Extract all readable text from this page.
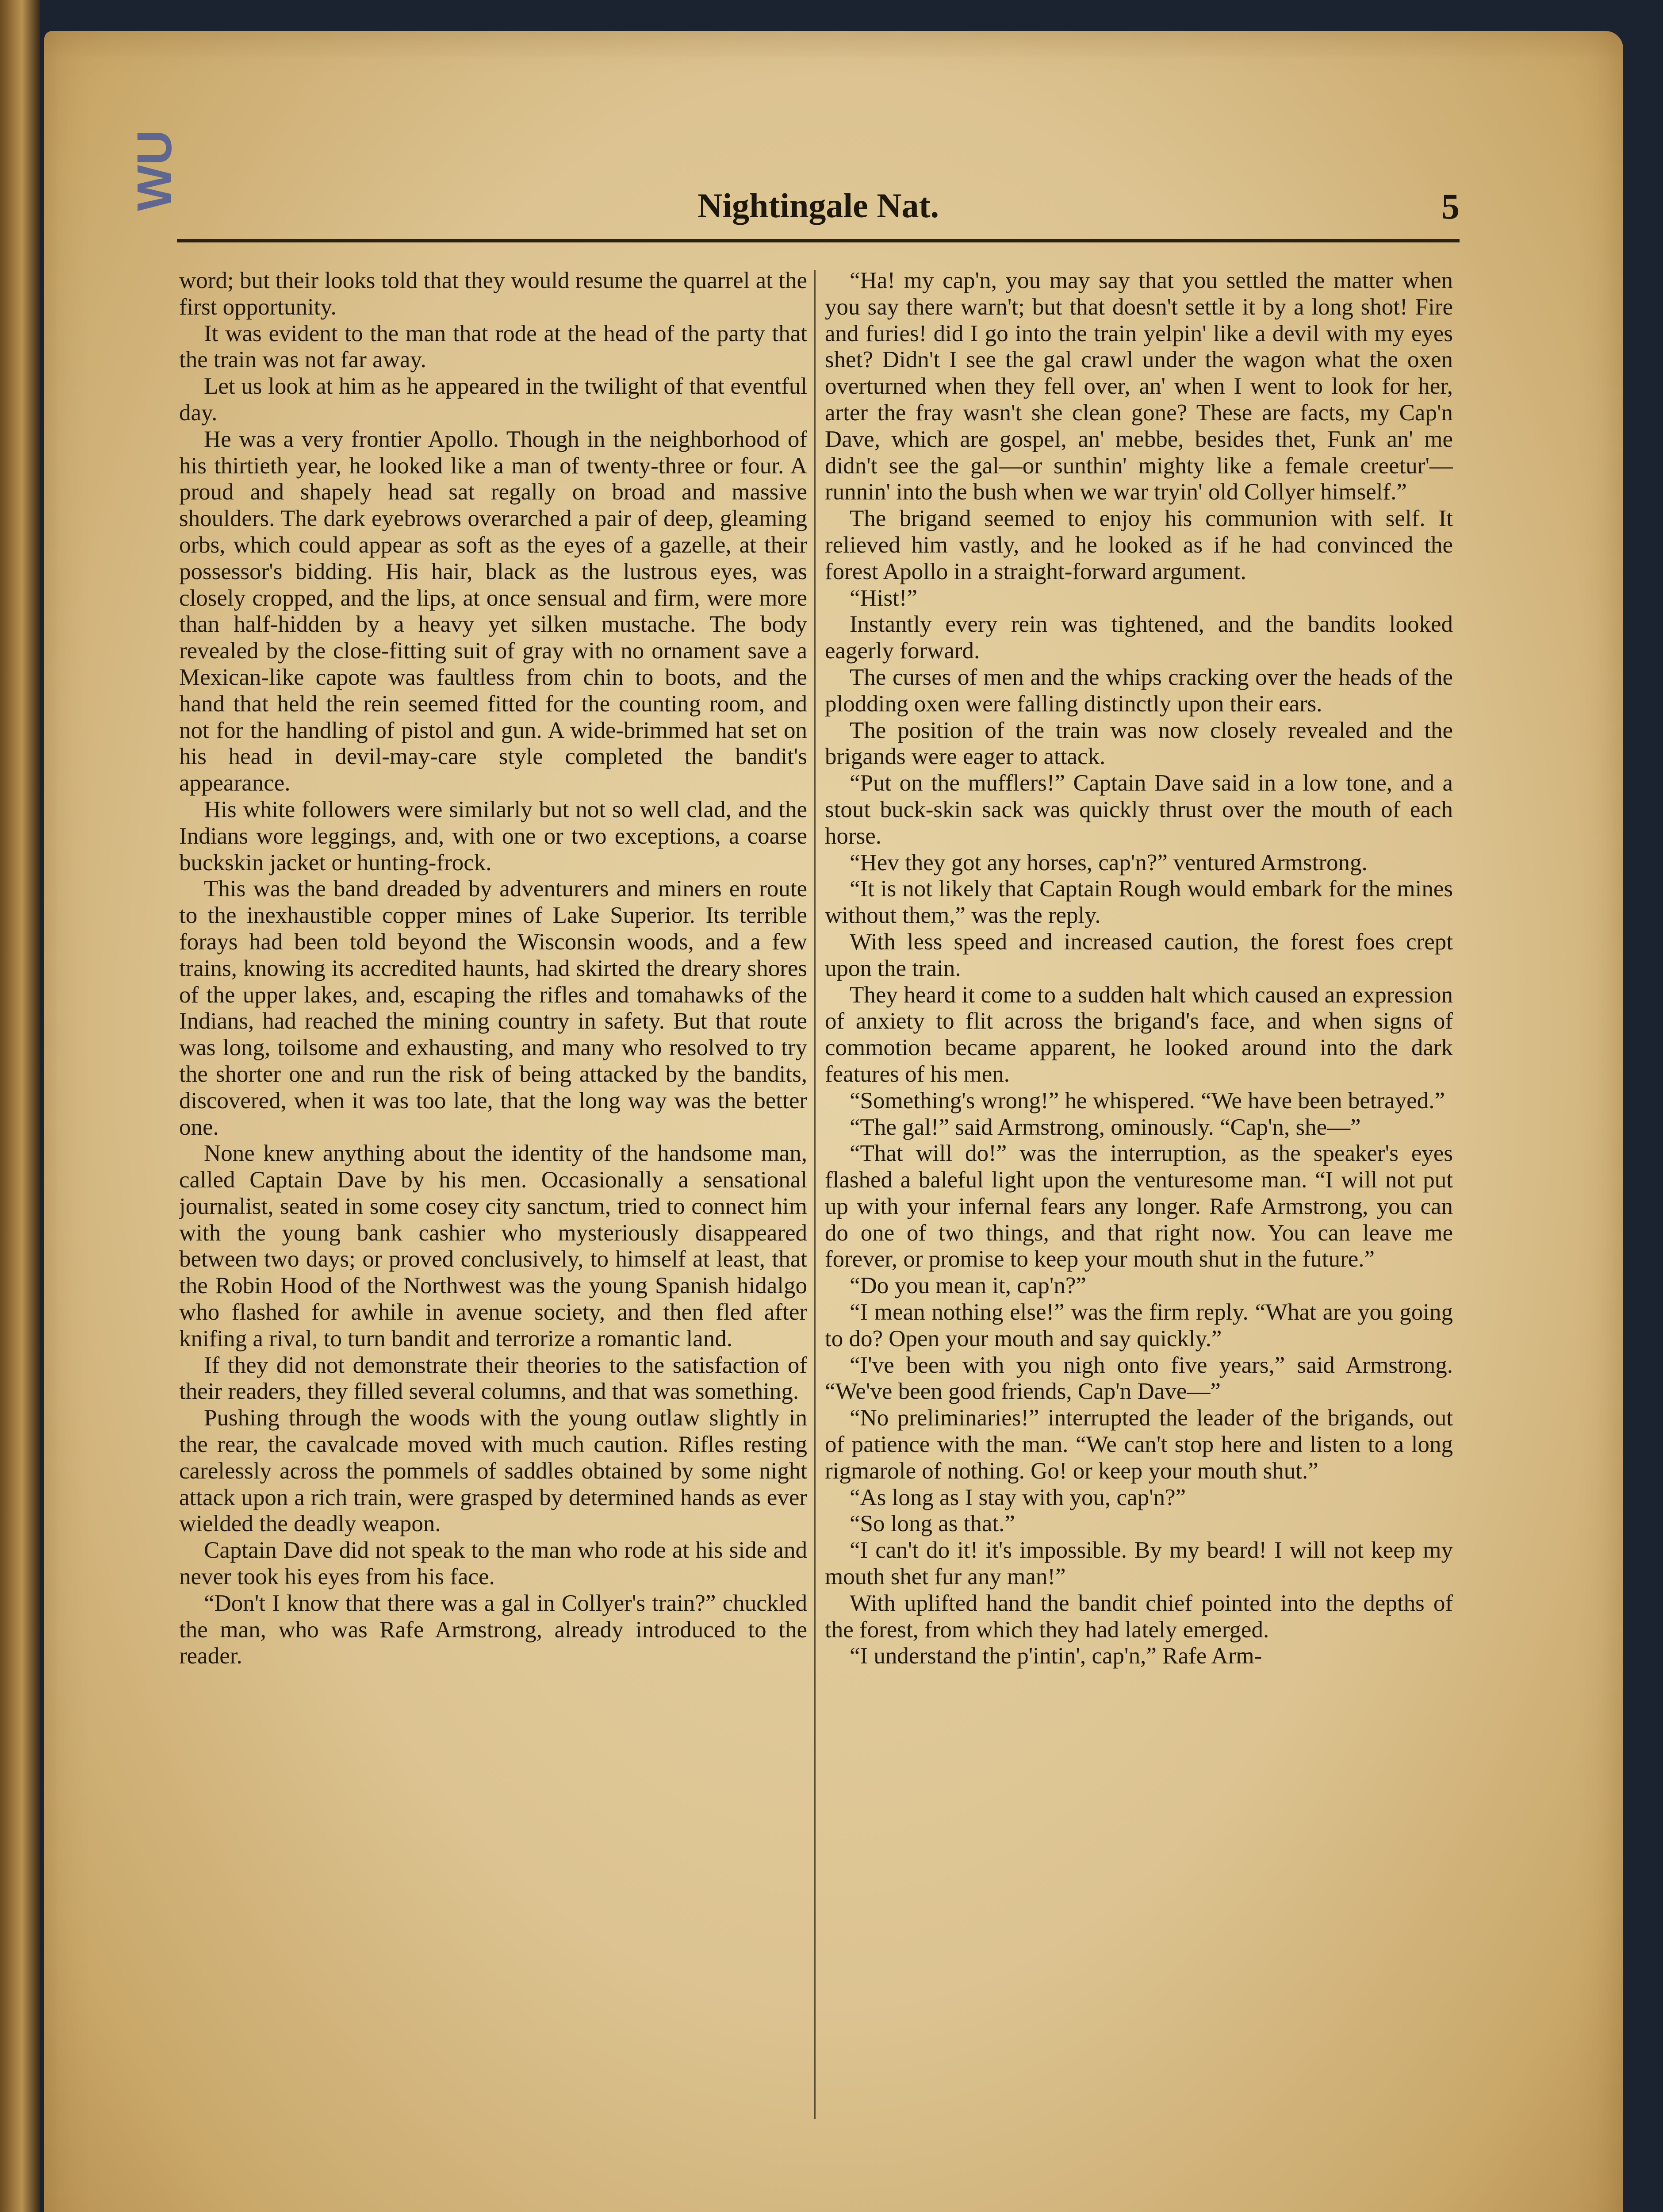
WU	Nightingale Nat.	5

word; but their looks told that they would resume the quarrel at the first opportunity.

It was evident to the man that rode at the head of the party that the train was not far away.

Let us look at him as he appeared in the twilight of that eventful day.

He was a very frontier Apollo. Though in the neighborhood of his thirtieth year, he looked like a man of twenty-three or four. A proud and shapely head sat regally on broad and massive shoulders. The dark eyebrows overarched a pair of deep, gleaming orbs, which could appear as soft as the eyes of a gazelle, at their possessor's bidding. His hair, black as the lustrous eyes, was closely cropped, and the lips, at once sensual and firm, were more than half-hidden by a heavy yet silken mustache. The body revealed by the close-fitting suit of gray with no ornament save a Mexican-like capote was faultless from chin to boots, and the hand that held the rein seemed fitted for the counting room, and not for the handling of pistol and gun. A wide-brimmed hat set on his head in devil-may-care style completed the bandit's appearance.

His white followers were similarly but not so well clad, and the Indians wore leggings, and, with one or two exceptions, a coarse buckskin jacket or hunting-frock.

This was the band dreaded by adventurers and miners en route to the inexhaustible copper mines of Lake Superior. Its terrible forays had been told beyond the Wisconsin woods, and a few trains, knowing its accredited haunts, had skirted the dreary shores of the upper lakes, and, escaping the rifles and tomahawks of the Indians, had reached the mining country in safety. But that route was long, toilsome and exhausting, and many who resolved to try the shorter one and run the risk of being attacked by the bandits, discovered, when it was too late, that the long way was the better one.

None knew anything about the identity of the handsome man, called Captain Dave by his men. Occasionally a sensational journalist, seated in some cosey city sanctum, tried to connect him with the young bank cashier who mysteriously disappeared between two days; or proved conclusively, to himself at least, that the Robin Hood of the Northwest was the young Spanish hidalgo who flashed for awhile in avenue society, and then fled after knifing a rival, to turn bandit and terrorize a romantic land.

If they did not demonstrate their theories to the satisfaction of their readers, they filled several columns, and that was something.

Pushing through the woods with the young outlaw slightly in the rear, the cavalcade moved with much caution. Rifles resting carelessly across the pommels of saddles obtained by some night attack upon a rich train, were grasped by determined hands as ever wielded the deadly weapon.

Captain Dave did not speak to the man who rode at his side and never took his eyes from his face.

“Don't I know that there was a gal in Collyer's train?” chuckled the man, who was Rafe Armstrong, already introduced to the reader.

“Ha! my cap'n, you may say that you settled the matter when you say there warn't; but that doesn't settle it by a long shot! Fire and furies! did I go into the train yelpin' like a devil with my eyes shet? Didn't I see the gal crawl under the wagon what the oxen overturned when they fell over, an' when I went to look for her, arter the fray wasn't she clean gone? These are facts, my Cap'n Dave, which are gospel, an' mebbe, besides thet, Funk an' me didn't see the gal—or sunthin' mighty like a female creetur'—runnin' into the bush when we war tryin' old Collyer himself.”

The brigand seemed to enjoy his communion with self. It relieved him vastly, and he looked as if he had convinced the forest Apollo in a straight-forward argument.

“Hist!”

Instantly every rein was tightened, and the bandits looked eagerly forward.

The curses of men and the whips cracking over the heads of the plodding oxen were falling distinctly upon their ears.

The position of the train was now closely revealed and the brigands were eager to attack.

“Put on the mufflers!” Captain Dave said in a low tone, and a stout buck-skin sack was quickly thrust over the mouth of each horse.

“Hev they got any horses, cap'n?” ventured Armstrong.

“It is not likely that Captain Rough would embark for the mines without them,” was the reply.

With less speed and increased caution, the forest foes crept upon the train.

They heard it come to a sudden halt which caused an expression of anxiety to flit across the brigand's face, and when signs of commotion became apparent, he looked around into the dark features of his men.

“Something's wrong!” he whispered. “We have been betrayed.”

“The gal!” said Armstrong, ominously. “Cap'n, she—”

“That will do!” was the interruption, as the speaker's eyes flashed a baleful light upon the venturesome man. “I will not put up with your infernal fears any longer. Rafe Armstrong, you can do one of two things, and that right now. You can leave me forever, or promise to keep your mouth shut in the future.”

“Do you mean it, cap'n?”

“I mean nothing else!” was the firm reply. “What are you going to do? Open your mouth and say quickly.”

“I've been with you nigh onto five years,” said Armstrong. “We've been good friends, Cap'n Dave—”

“No preliminaries!” interrupted the leader of the brigands, out of patience with the man. “We can't stop here and listen to a long rigmarole of nothing. Go! or keep your mouth shut.”

“As long as I stay with you, cap'n?”

“So long as that.”

“I can't do it! it's impossible. By my beard! I will not keep my mouth shet fur any man!”

With uplifted hand the bandit chief pointed into the depths of the forest, from which they had lately emerged.

“I understand the p'intin', cap'n,” Rafe Arm-
